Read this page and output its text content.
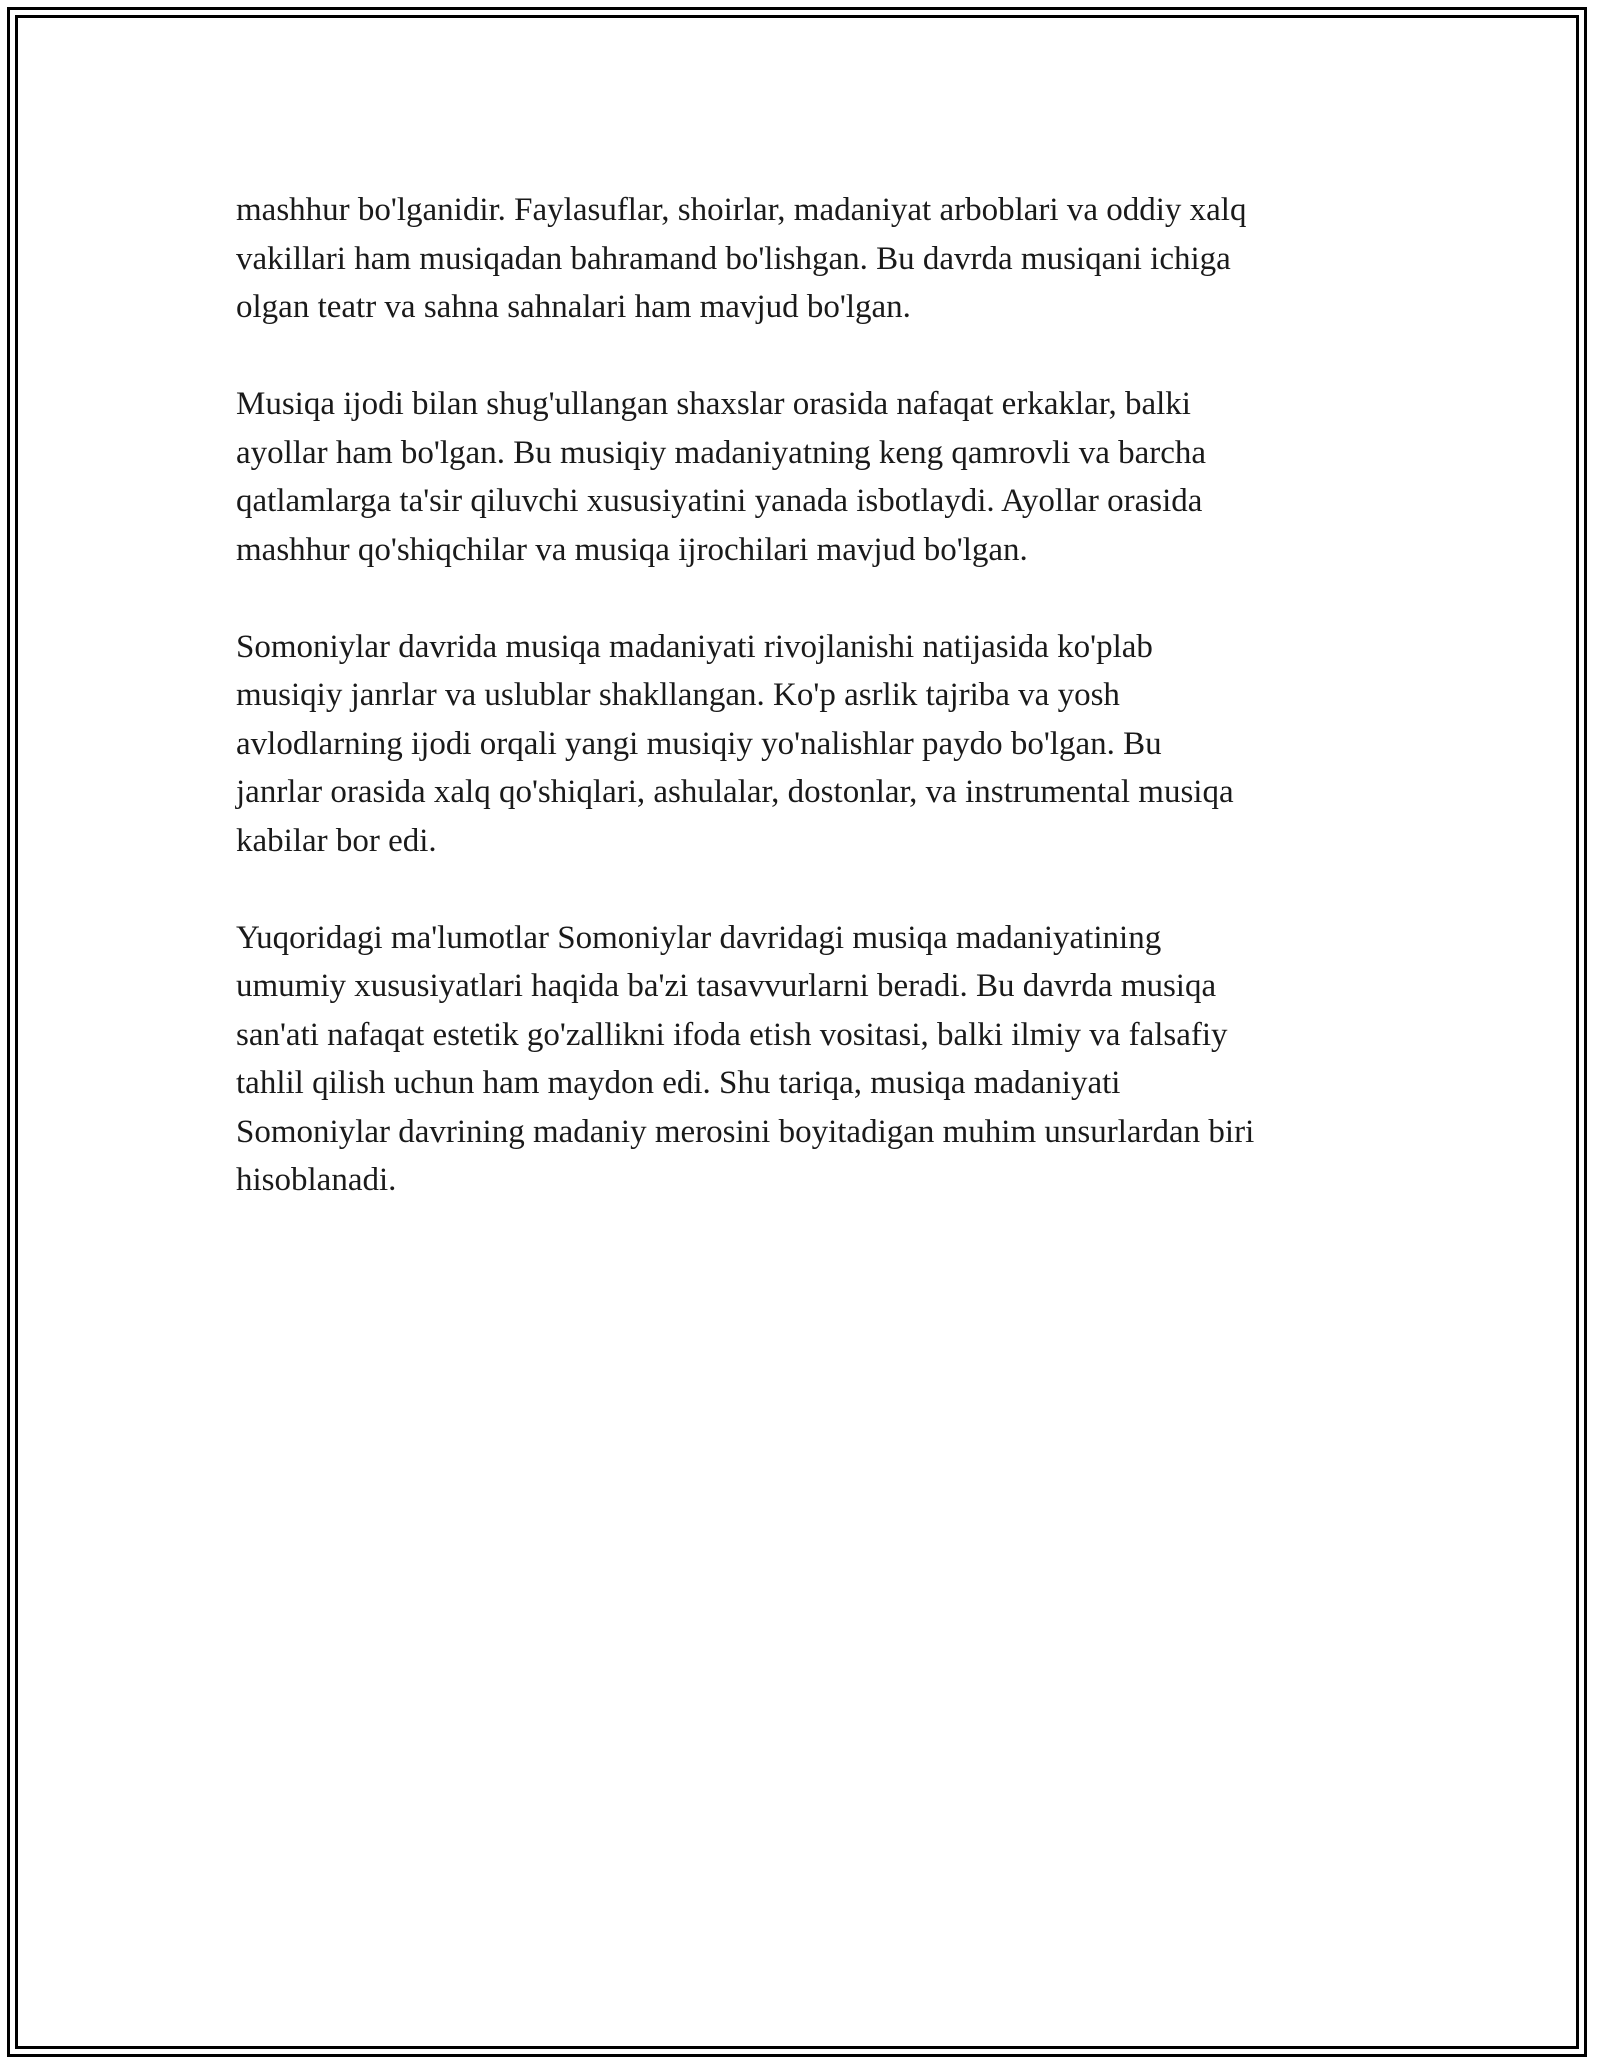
mashhur bo'lganidir. Faylasuflar, shoirlar, madaniyat arboblari va oddiy xalq
vakillari ham musiqadan bahramand bo'lishgan. Bu davrda musiqani ichiga
olgan teatr va sahna sahnalari ham mavjud bo'lgan.

Musiqa ijodi bilan shug'ullangan shaxslar orasida nafaqat erkaklar, balki
ayollar ham bo'lgan. Bu musiqiy madaniyatning keng qamrovli va barcha
qatlamlarga ta'sir qiluvchi xususiyatini yanada isbotlaydi. Ayollar orasida
mashhur qo'shiqchilar va musiqa ijrochilari mavjud bo'lgan.

Somoniylar davrida musiqa madaniyati rivojlanishi natijasida ko'plab
musiqiy janrlar va uslublar shakllangan. Ko'p asrlik tajriba va yosh
avlodlarning ijodi orqali yangi musiqiy yo'nalishlar paydo bo'lgan. Bu
janrlar orasida xalq qo'shiqlari, ashulalar, dostonlar, va instrumental musiqa
kabilar bor edi.

Yuqoridagi ma'lumotlar Somoniylar davridagi musiqa madaniyatining
umumiy xususiyatlari haqida ba'zi tasavvurlarni beradi. Bu davrda musiqa
san'ati nafaqat estetik go'zallikni ifoda etish vositasi, balki ilmiy va falsafiy
tahlil qilish uchun ham maydon edi. Shu tariqa, musiqa madaniyati
Somoniylar davrining madaniy merosini boyitadigan muhim unsurlardan biri
hisoblanadi.
